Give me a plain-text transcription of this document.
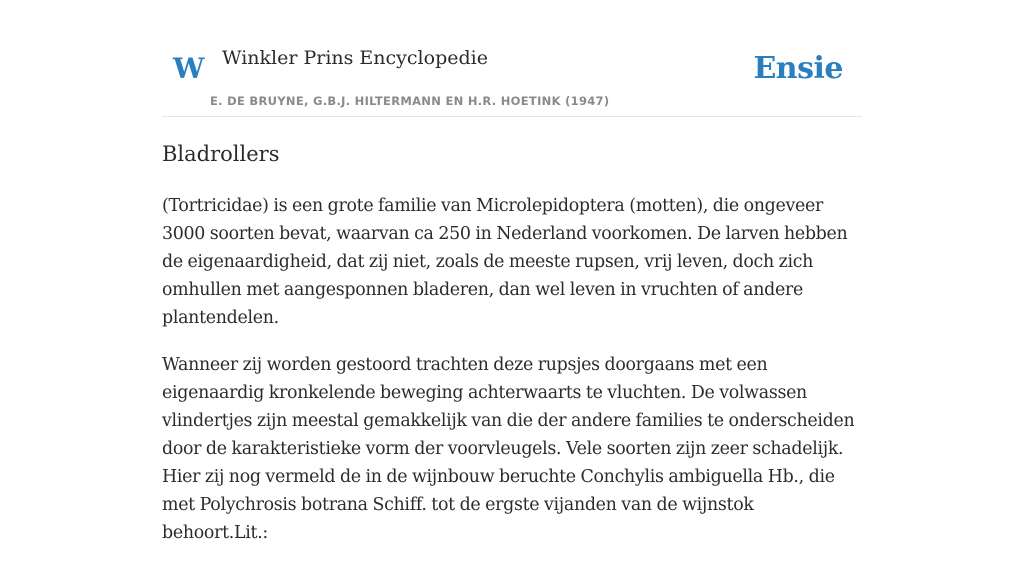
W Winkler Prins Encyclopedie
E. DE BRUYNE, G.B.J. HILTERMANN EN H.R. HOETINK (1947)
Ensie
Bladrollers

(Tortricidae) is een grote familie van Microlepidoptera (motten), die ongeveer 3000 soorten bevat, waarvan ca 250 in Nederland voorkomen. De larven hebben de eigenaardigheid, dat zij niet, zoals de meeste rupsen, vrij leven, doch zich omhullen met aangesponnen bladeren, dan wel leven in vruchten of andere plantendelen.

Wanneer zij worden gestoord trachten deze rupsjes doorgaans met een eigenaardig kronkelende beweging achterwaarts te vluchten. De volwassen vlindertjes zijn meestal gemakkelijk van die der andere families te onderscheiden door de karakteristieke vorm der voorvleugels. Vele soorten zijn zeer schadelijk. Hier zij nog vermeld de in de wijnbouw beruchte Conchylis ambiguella Hb., die met Polychrosis botrana Schiff. tot de ergste vijanden van de wijnstok behoort.Lit.:
